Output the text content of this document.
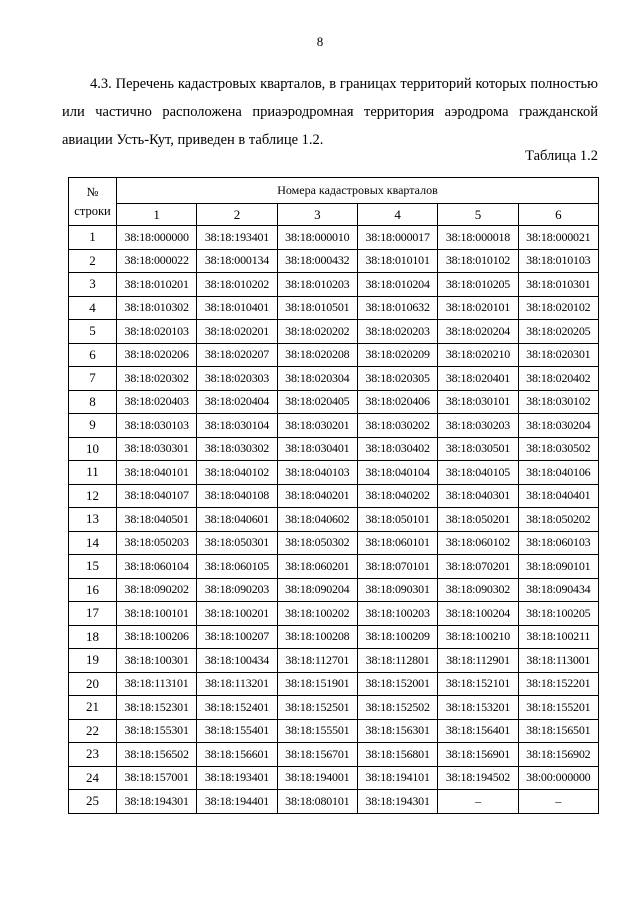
8

4.3. Перечень кадастровых кварталов, в границах территорий которых полностью или частично расположена приаэродромная территория аэродрома гражданской авиации Усть-Кут, приведен в таблице 1.2.

Таблица 1.2
№
строки	Номера кадастровых кварталов					
	1	2	3	4	5	6
1	38:18:000000	38:18:193401	38:18:000010	38:18:000017	38:18:000018	38:18:000021
2	38:18:000022	38:18:000134	38:18:000432	38:18:010101	38:18:010102	38:18:010103
3	38:18:010201	38:18:010202	38:18:010203	38:18:010204	38:18:010205	38:18:010301
4	38:18:010302	38:18:010401	38:18:010501	38:18:010632	38:18:020101	38:18:020102
5	38:18:020103	38:18:020201	38:18:020202	38:18:020203	38:18:020204	38:18:020205
6	38:18:020206	38:18:020207	38:18:020208	38:18:020209	38:18:020210	38:18:020301
7	38:18:020302	38:18:020303	38:18:020304	38:18:020305	38:18:020401	38:18:020402
8	38:18:020403	38:18:020404	38:18:020405	38:18:020406	38:18:030101	38:18:030102
9	38:18:030103	38:18:030104	38:18:030201	38:18:030202	38:18:030203	38:18:030204
10	38:18:030301	38:18:030302	38:18:030401	38:18:030402	38:18:030501	38:18:030502
11	38:18:040101	38:18:040102	38:18:040103	38:18:040104	38:18:040105	38:18:040106
12	38:18:040107	38:18:040108	38:18:040201	38:18:040202	38:18:040301	38:18:040401
13	38:18:040501	38:18:040601	38:18:040602	38:18:050101	38:18:050201	38:18:050202
14	38:18:050203	38:18:050301	38:18:050302	38:18:060101	38:18:060102	38:18:060103
15	38:18:060104	38:18:060105	38:18:060201	38:18:070101	38:18:070201	38:18:090101
16	38:18:090202	38:18:090203	38:18:090204	38:18:090301	38:18:090302	38:18:090434
17	38:18:100101	38:18:100201	38:18:100202	38:18:100203	38:18:100204	38:18:100205
18	38:18:100206	38:18:100207	38:18:100208	38:18:100209	38:18:100210	38:18:100211
19	38:18:100301	38:18:100434	38:18:112701	38:18:112801	38:18:112901	38:18:113001
20	38:18:113101	38:18:113201	38:18:151901	38:18:152001	38:18:152101	38:18:152201
21	38:18:152301	38:18:152401	38:18:152501	38:18:152502	38:18:153201	38:18:155201
22	38:18:155301	38:18:155401	38:18:155501	38:18:156301	38:18:156401	38:18:156501
23	38:18:156502	38:18:156601	38:18:156701	38:18:156801	38:18:156901	38:18:156902
24	38:18:157001	38:18:193401	38:18:194001	38:18:194101	38:18:194502	38:00:000000
25	38:18:194301	38:18:194401	38:18:080101	38:18:194301	–	–
